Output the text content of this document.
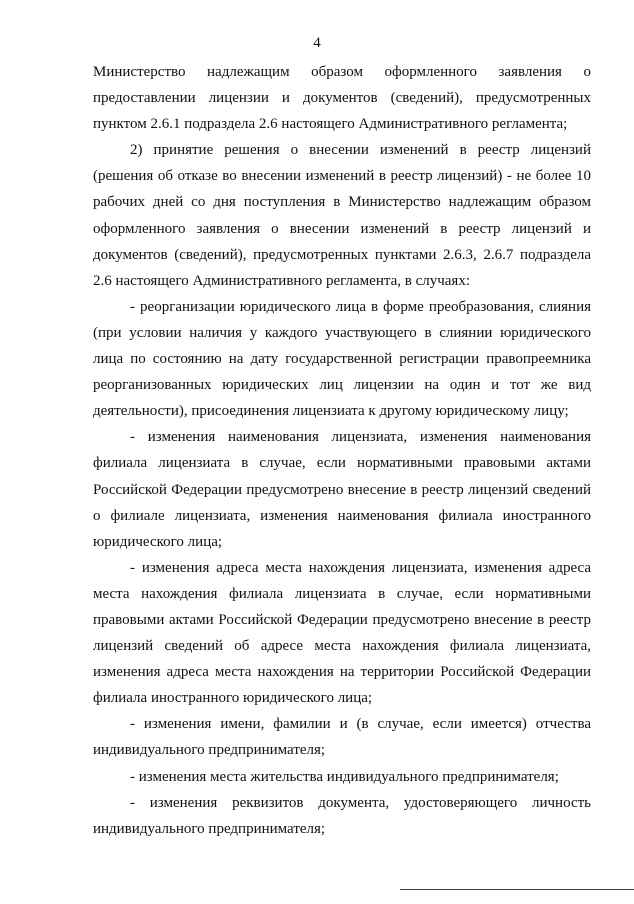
4

Министерство надлежащим образом оформленного заявления о предоставлении лицензии и документов (сведений), предусмотренных пунктом 2.6.1 подраздела 2.6 настоящего Административного регламента;

2) принятие решения о внесении изменений в реестр лицензий (решения об отказе во внесении изменений в реестр лицензий) - не более 10 рабочих дней со дня поступления в Министерство надлежащим образом оформленного заявления о внесении изменений в реестр лицензий и документов (сведений), предусмотренных пунктами 2.6.3, 2.6.7 подраздела 2.6 настоящего Административного регламента, в случаях:

- реорганизации юридического лица в форме преобразования, слияния (при условии наличия у каждого участвующего в слиянии юридического лица по состоянию на дату государственной регистрации правопреемника реорганизованных юридических лиц лицензии на один и тот же вид деятельности), присоединения лицензиата к другому юридическому лицу;

- изменения наименования лицензиата, изменения наименования филиала лицензиата в случае, если нормативными правовыми актами Российской Федерации предусмотрено внесение в реестр лицензий сведений о филиале лицензиата, изменения наименования филиала иностранного юридического лица;

- изменения адреса места нахождения лицензиата, изменения адреса места нахождения филиала лицензиата в случае, если нормативными правовыми актами Российской Федерации предусмотрено внесение в реестр лицензий сведений об адресе места нахождения филиала лицензиата, изменения адреса места нахождения на территории Российской Федерации филиала иностранного юридического лица;

- изменения имени, фамилии и (в случае, если имеется) отчества индивидуального предпринимателя;

- изменения места жительства индивидуального предпринимателя;

- изменения реквизитов документа, удостоверяющего личность индивидуального предпринимателя;
